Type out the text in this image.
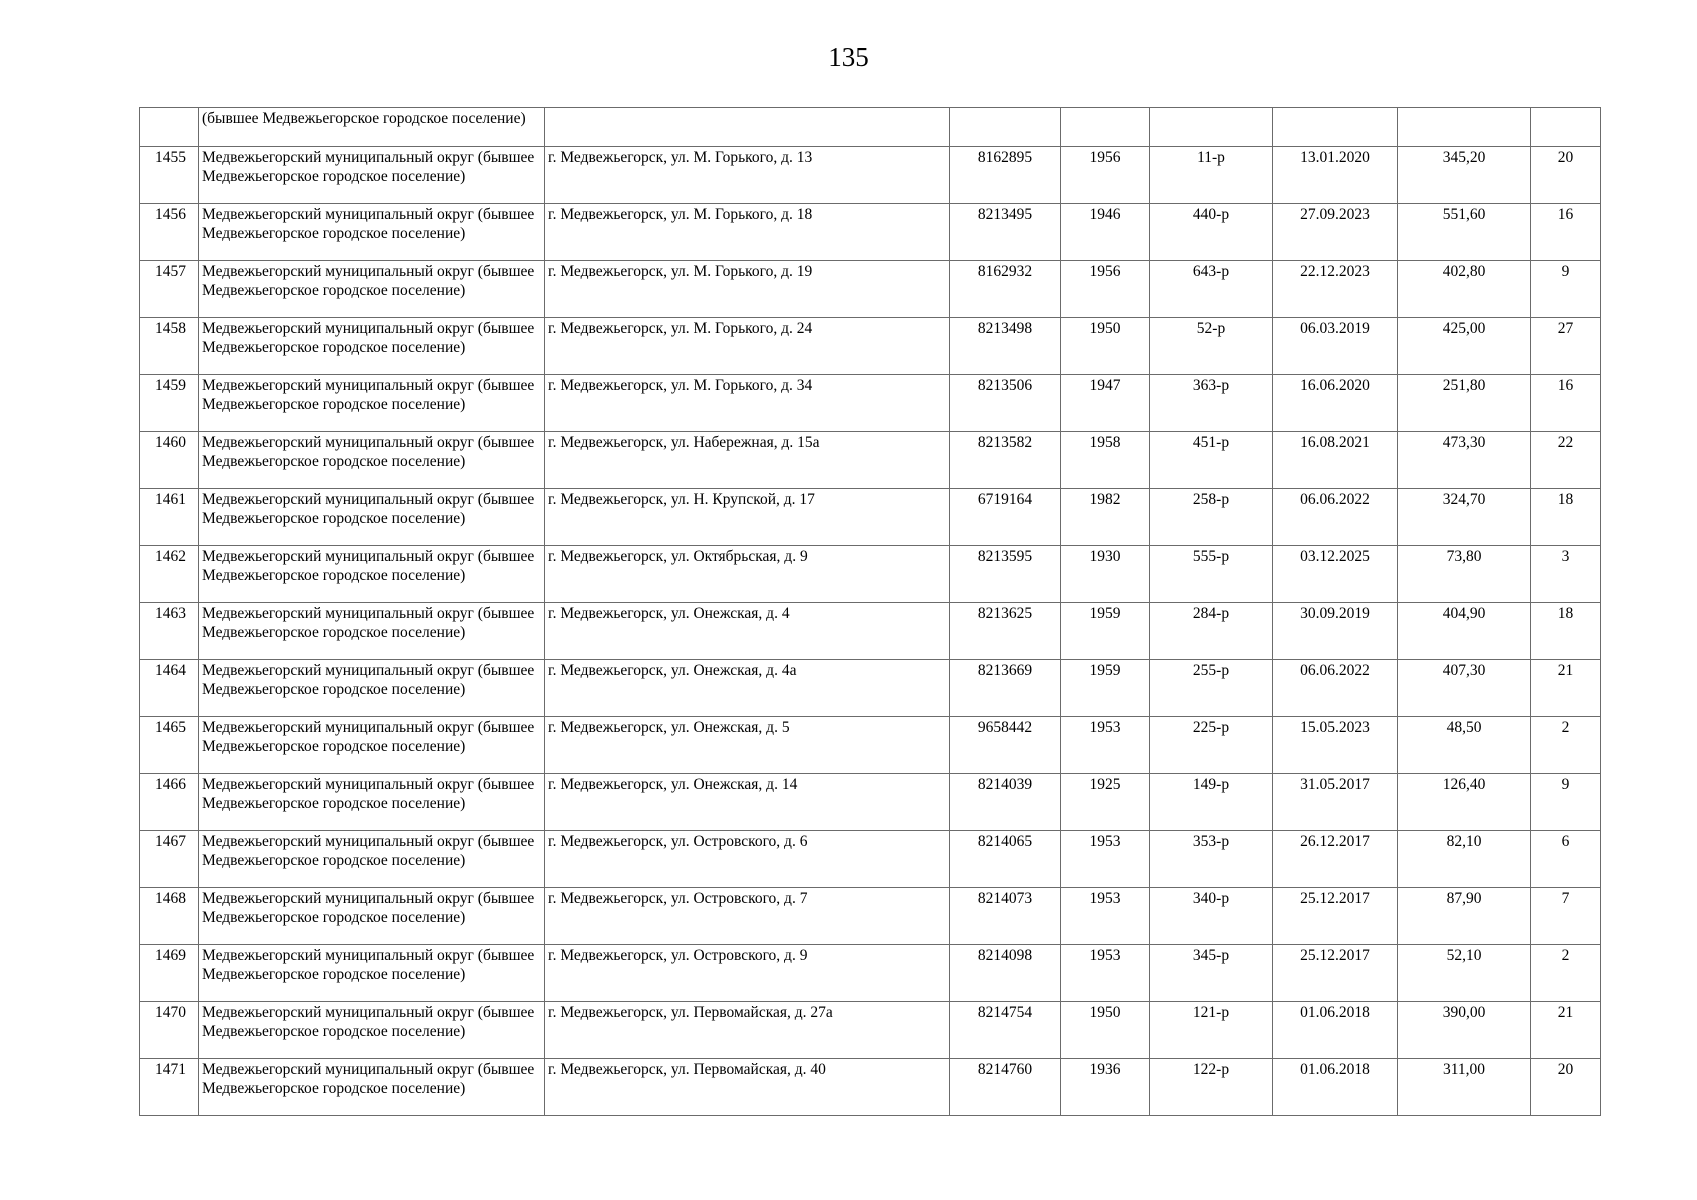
135
	(бывшее Медвежьегорское городское поселение)							
1455	Медвежьегорский муниципальный округ (бывшее Медвежьегорское городское поселение)	г. Медвежьегорск, ул. М. Горького, д. 13	8162895	1956	11-р	13.01.2020	345,20	20
1456	Медвежьегорский муниципальный округ (бывшее Медвежьегорское городское поселение)	г. Медвежьегорск, ул. М. Горького, д. 18	8213495	1946	440-р	27.09.2023	551,60	16
1457	Медвежьегорский муниципальный округ (бывшее Медвежьегорское городское поселение)	г. Медвежьегорск, ул. М. Горького, д. 19	8162932	1956	643-р	22.12.2023	402,80	9
1458	Медвежьегорский муниципальный округ (бывшее Медвежьегорское городское поселение)	г. Медвежьегорск, ул. М. Горького, д. 24	8213498	1950	52-р	06.03.2019	425,00	27
1459	Медвежьегорский муниципальный округ (бывшее Медвежьегорское городское поселение)	г. Медвежьегорск, ул. М. Горького, д. 34	8213506	1947	363-р	16.06.2020	251,80	16
1460	Медвежьегорский муниципальный округ (бывшее Медвежьегорское городское поселение)	г. Медвежьегорск, ул. Набережная, д. 15а	8213582	1958	451-р	16.08.2021	473,30	22
1461	Медвежьегорский муниципальный округ (бывшее Медвежьегорское городское поселение)	г. Медвежьегорск, ул. Н. Крупской, д. 17	6719164	1982	258-р	06.06.2022	324,70	18
1462	Медвежьегорский муниципальный округ (бывшее Медвежьегорское городское поселение)	г. Медвежьегорск, ул. Октябрьская, д. 9	8213595	1930	555-р	03.12.2025	73,80	3
1463	Медвежьегорский муниципальный округ (бывшее Медвежьегорское городское поселение)	г. Медвежьегорск, ул. Онежская, д. 4	8213625	1959	284-р	30.09.2019	404,90	18
1464	Медвежьегорский муниципальный округ (бывшее Медвежьегорское городское поселение)	г. Медвежьегорск, ул. Онежская, д. 4а	8213669	1959	255-р	06.06.2022	407,30	21
1465	Медвежьегорский муниципальный округ (бывшее Медвежьегорское городское поселение)	г. Медвежьегорск, ул. Онежская, д. 5	9658442	1953	225-р	15.05.2023	48,50	2
1466	Медвежьегорский муниципальный округ (бывшее Медвежьегорское городское поселение)	г. Медвежьегорск, ул. Онежская, д. 14	8214039	1925	149-р	31.05.2017	126,40	9
1467	Медвежьегорский муниципальный округ (бывшее Медвежьегорское городское поселение)	г. Медвежьегорск, ул. Островского, д. 6	8214065	1953	353-р	26.12.2017	82,10	6
1468	Медвежьегорский муниципальный округ (бывшее Медвежьегорское городское поселение)	г. Медвежьегорск, ул. Островского, д. 7	8214073	1953	340-р	25.12.2017	87,90	7
1469	Медвежьегорский муниципальный округ (бывшее Медвежьегорское городское поселение)	г. Медвежьегорск, ул. Островского, д. 9	8214098	1953	345-р	25.12.2017	52,10	2
1470	Медвежьегорский муниципальный округ (бывшее Медвежьегорское городское поселение)	г. Медвежьегорск, ул. Первомайская, д. 27а	8214754	1950	121-р	01.06.2018	390,00	21
1471	Медвежьегорский муниципальный округ (бывшее Медвежьегорское городское поселение)	г. Медвежьегорск, ул. Первомайская, д. 40	8214760	1936	122-р	01.06.2018	311,00	20
